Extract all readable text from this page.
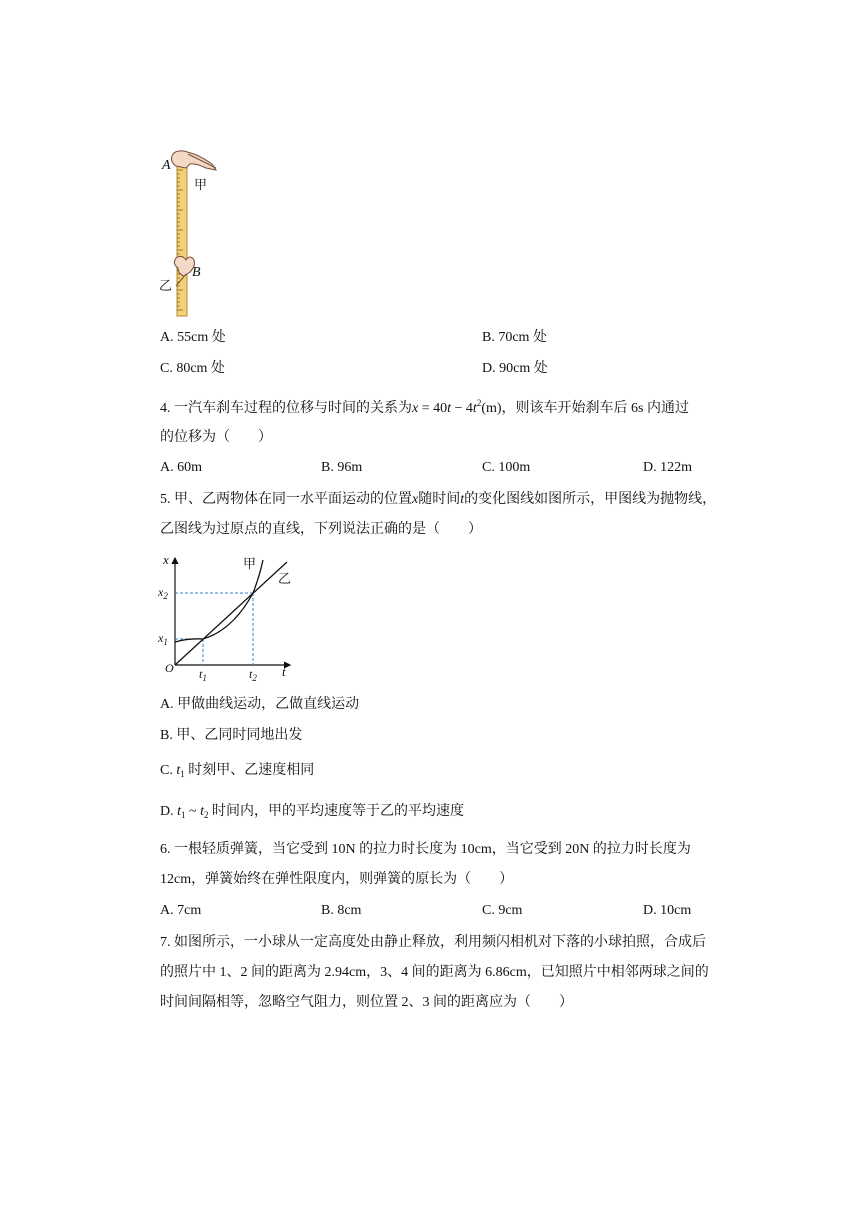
A
甲
B
乙
A. 55cm 处	B. 70cm 处
C. 80cm 处	D. 90cm 处
4. 一汽车刹车过程的位移与时间的关系为$x = 40t - 4t^2(m)$，则该车开始刹车后 6s 内通过
的位移为（　　）
A. 60m	B. 96m	C. 100m	D. 122m
5. 甲、乙两物体在同一水平面运动的位置x随时间t的变化图线如图所示，甲图线为抛物线，
乙图线为过原点的直线，下列说法正确的是（　　）
x	甲
乙
$x_2$
$x_1$
O $t_1$	$t_2$ t
A. 甲做曲线运动，乙做直线运动
B. 甲、乙同时同地出发
C. $t_1$ 时刻甲、乙速度相同
D. $t_1$ ~ $t_2$ 时间内，甲的平均速度等于乙的平均速度
6. 一根轻质弹簧，当它受到 10N 的拉力时长度为 10cm，当它受到 20N 的拉力时长度为
12cm，弹簧始终在弹性限度内，则弹簧的原长为（　　）
A. 7cm	B. 8cm	C. 9cm	D. 10cm
7. 如图所示，一小球从一定高度处由静止释放，利用频闪相机对下落的小球拍照，合成后
的照片中 1、2 间的距离为 2.94cm，3、4 间的距离为 6.86cm，已知照片中相邻两球之间的
时间间隔相等，忽略空气阻力，则位置 2、3 间的距离应为（　　）
